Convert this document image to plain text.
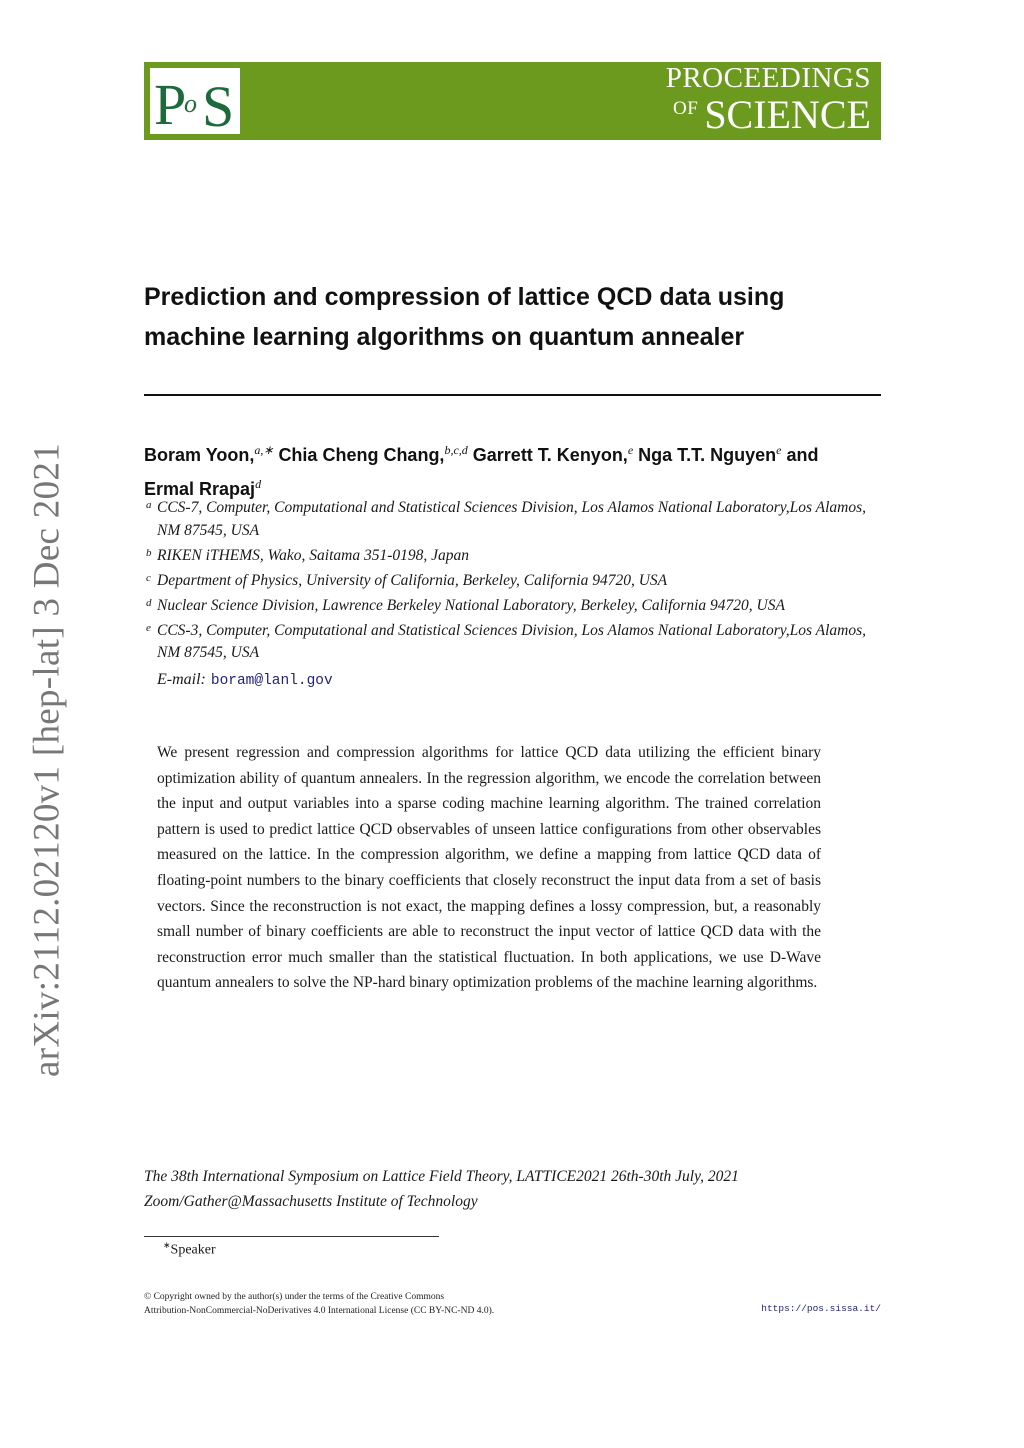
P
o S	PROCEEDINGS
$^{OF}$ SCIENCE
arXiv:2112.02120v1 [hep-lat] 3 Dec 2021
Prediction and compression of lattice QCD data using
machine learning algorithms on quantum annealer
Boram Yoon,$^{a,∗}$ Chia Cheng Chang,$^{b,c,d}$ Garrett T. Kenyon,$^e$ Nga T.T. Nguyen$^e$ and
Ermal Rrapaj$^d$
a CCS-7, Computer, Computational and Statistical Sciences Division, Los Alamos National Laboratory,Los Alamos, NM 87545, USA
b RIKEN iTHEMS, Wako, Saitama 351-0198, Japan
c Department of Physics, University of California, Berkeley, California 94720, USA
d Nuclear Science Division, Lawrence Berkeley National Laboratory, Berkeley, California 94720, USA
e CCS-3, Computer, Computational and Statistical Sciences Division, Los Alamos National Laboratory,Los Alamos, NM 87545, USA
E-mail: boram@lanl.gov
We present regression and compression algorithms for lattice QCD data utilizing the efficient binary optimization ability of quantum annealers. In the regression algorithm, we encode the correlation between the input and output variables into a sparse coding machine learning algorithm. The trained correlation pattern is used to predict lattice QCD observables of unseen lattice configurations from other observables measured on the lattice. In the compression algorithm, we define a mapping from lattice QCD data of floating-point numbers to the binary coefficients that closely reconstruct the input data from a set of basis vectors. Since the reconstruction is not exact, the mapping defines a lossy compression, but, a reasonably small number of binary coefficients are able to reconstruct the input vector of lattice QCD data with the reconstruction error much smaller than the statistical fluctuation. In both applications, we use D-Wave quantum annealers to solve the NP-hard binary optimization problems of the machine learning algorithms.
The 38th International Symposium on Lattice Field Theory, LATTICE2021 26th-30th July, 2021
Zoom/Gather@Massachusetts Institute of Technology
∗Speaker
© Copyright owned by the author(s) under the terms of the Creative Commons
Attribution-NonCommercial-NoDerivatives 4.0 International License (CC BY-NC-ND 4.0).	https://pos.sissa.it/
